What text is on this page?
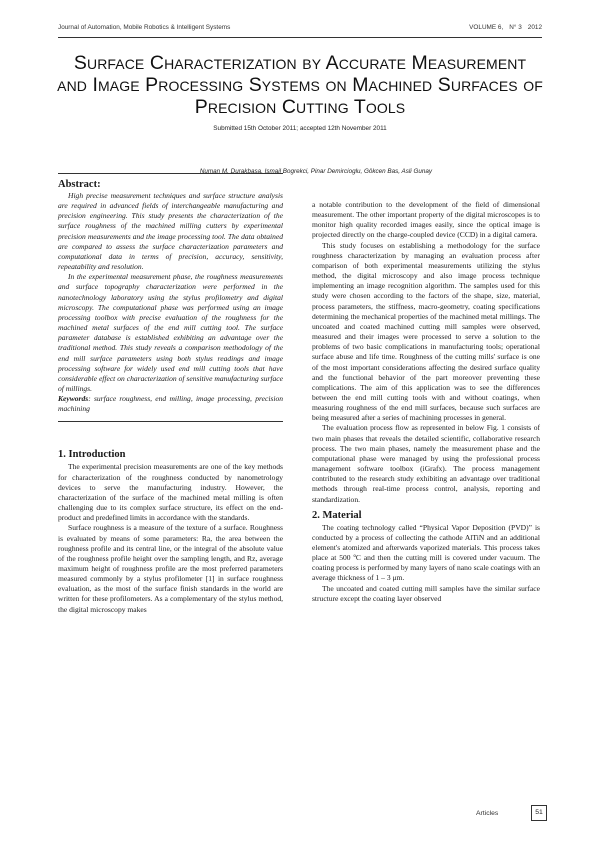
Journal of Automation, Mobile Robotics & Intelligent Systems	VOLUME 6, N° 3 2012
Surface Characterization by Accurate Measurement
and Image Processing Systems on Machined Surfaces of
Precision Cutting Tools
Submitted 15th October 2011; accepted 12th November 2011
Numan M. Durakbasa, Ismail Bogrekci, Pinar Demircioglu, Gökcen Bas, Asli Gunay
Abstract:

High precise measurement techniques and surface structure analysis are required in advanced fields of interchangeable manufacturing and precision engineering. This study presents the characterization of the surface roughness of the machined milling cutters by experimental precision measurements and the image processing tool. The data obtained are compared to assess the surface characterization parameters and computational data in terms of precision, accuracy, sensitivity, repeatability and resolution.

In the experimental measurement phase, the roughness measurements and surface topography characterization were performed in the nanotechnology laboratory using the stylus profilometry and digital microscopy. The computational phase was performed using an image processing toolbox with precise evaluation of the roughness for the machined metal surfaces of the end mill cutting tool. The surface parameter database is established exhibiting an advantage over the traditional method. This study reveals a comparison methodology of the end mill surface parameters using both stylus readings and image processing software for widely used end mill cutting tools that have considerable effect on characterization of sensitive manufacturing surface of millings.

Keywords: surface roughness, end milling, image processing, precision machining

1. Introduction

The experimental precision measurements are one of the key methods for characterization of the roughness conducted by nanometrology devices to serve the manufacturing industry. However, the characterization of the surface of the machined metal milling is often challenging due to its complex surface structure, its effect on the end-product and predefined limits in accordance with the standards.

Surface roughness is a measure of the texture of a surface. Roughness is evaluated by means of some parameters: Ra, the area between the roughness profile and its central line, or the integral of the absolute value of the roughness profile height over the sampling length, and Rz, average maximum height of roughness profile are the most preferred parameters measured commonly by a stylus profilometer [1] in surface roughness evaluation, as the most of the surface finish standards in the world are written for these profilometers. As a complementary of the stylus method, the digital microscopy makes

a notable contribution to the development of the field of dimensional measurement. The other important property of the digital microscopes is to monitor high quality recorded images easily, since the optical image is projected directly on the charge-coupled device (CCD) in a digital camera.

This study focuses on establishing a methodology for the surface roughness characterization by managing an evaluation process after comparison of both experimental measurements utilizing the stylus method, the digital microscopy and also image process technique implementing an image recognition algorithm. The samples used for this study were chosen according to the factors of the shape, size, material, process parameters, the stiffness, macro-geometry, coating specifications determining the mechanical properties of the machined metal millings. The uncoated and coated machined cutting mill samples were observed, measured and their images were processed to serve a solution to the problems of two basic complications in manufacturing tools; operational surface abuse and life time. Roughness of the cutting mills' surface is one of the most important considerations affecting the desired surface quality and the functional behavior of the part moreover preventing these complications. The aim of this application was to see the differences between the end mill cutting tools with and without coatings, when measuring roughness of the end mill surfaces, because such surfaces are being measured after a series of machining processes in general.

The evaluation process flow as represented in below Fig. 1 consists of two main phases that reveals the detailed scientific, collaborative research process. The two main phases, namely the measurement phase and the computational phase were managed by using the professional process management software toolbox (iGrafx). The process management contributed to the research study exhibiting an advantage over traditional methods through real-time process control, analysis, reporting and standardization.

2. Material

The coating technology called “Physical Vapor Deposition (PVD)” is conducted by a process of collecting the cathode AlTiN and an additional element's atomized and afterwards vaporized materials. This process takes place at 500 ºC and then the cutting mill is covered under vacuum. The coating process is performed by many layers of nano scale coatings with an average thickness of 1 – 3 μm.

The uncoated and coated cutting mill samples have the similar surface structure except the coating layer observed

Articles	51
